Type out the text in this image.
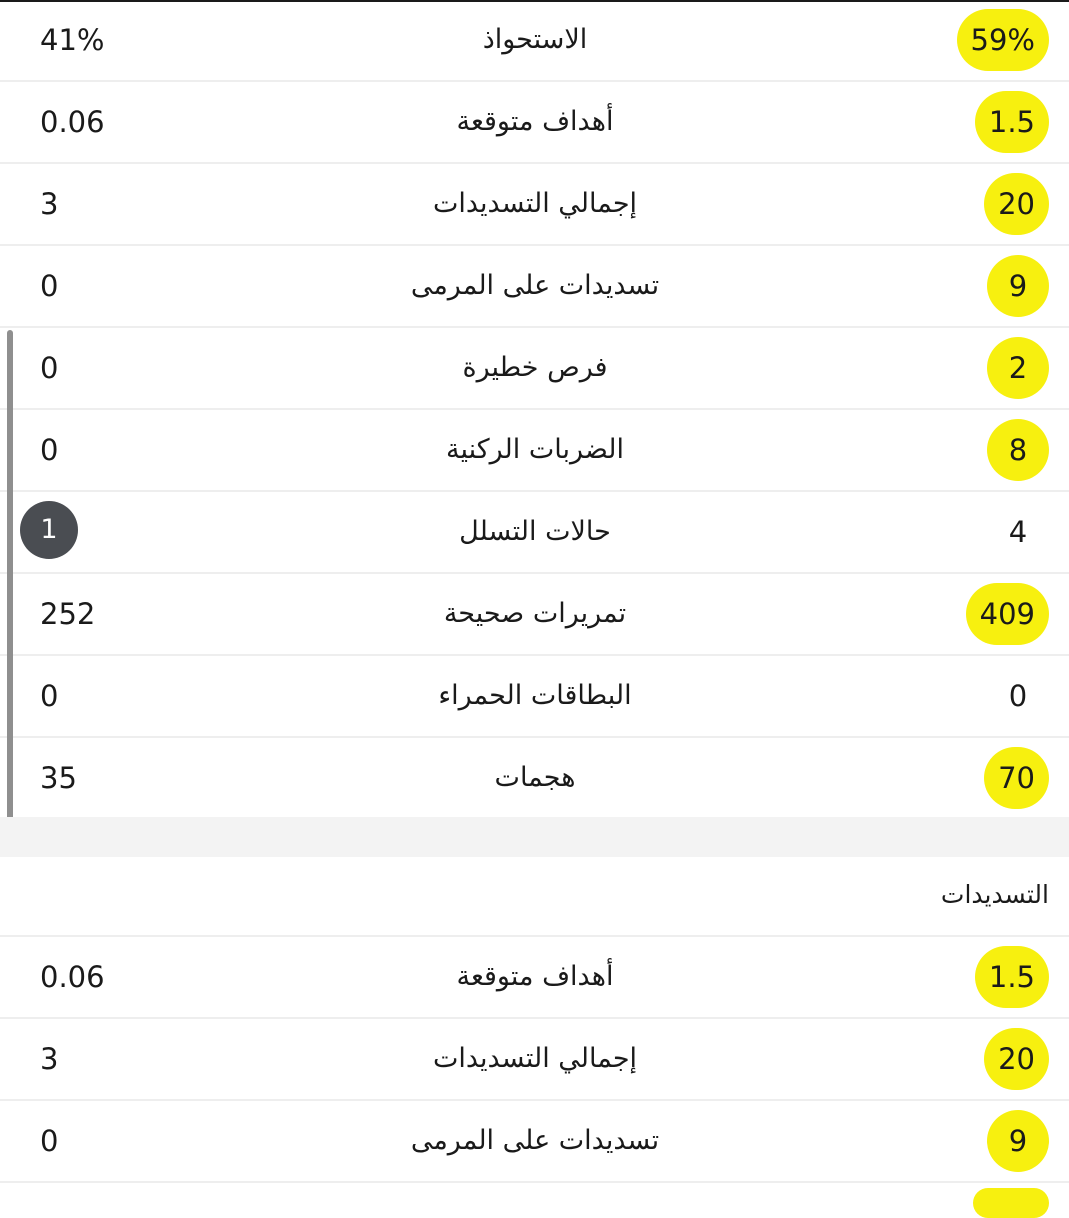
41%	الاستحواذ	59%
0.06	أهداف متوقعة	1.5
3	إجمالي التسديدات	20
0	تسديدات على المرمى	9
0	فرص خطيرة	2
0	الضربات الركنية	8
1	حالات التسلل	4
252	تمريرات صحيحة	409
0	البطاقات الحمراء	0
35	هجمات	70
التسديدات
0.06	أهداف متوقعة	1.5
3	إجمالي التسديدات	20
0	تسديدات على المرمى	9
